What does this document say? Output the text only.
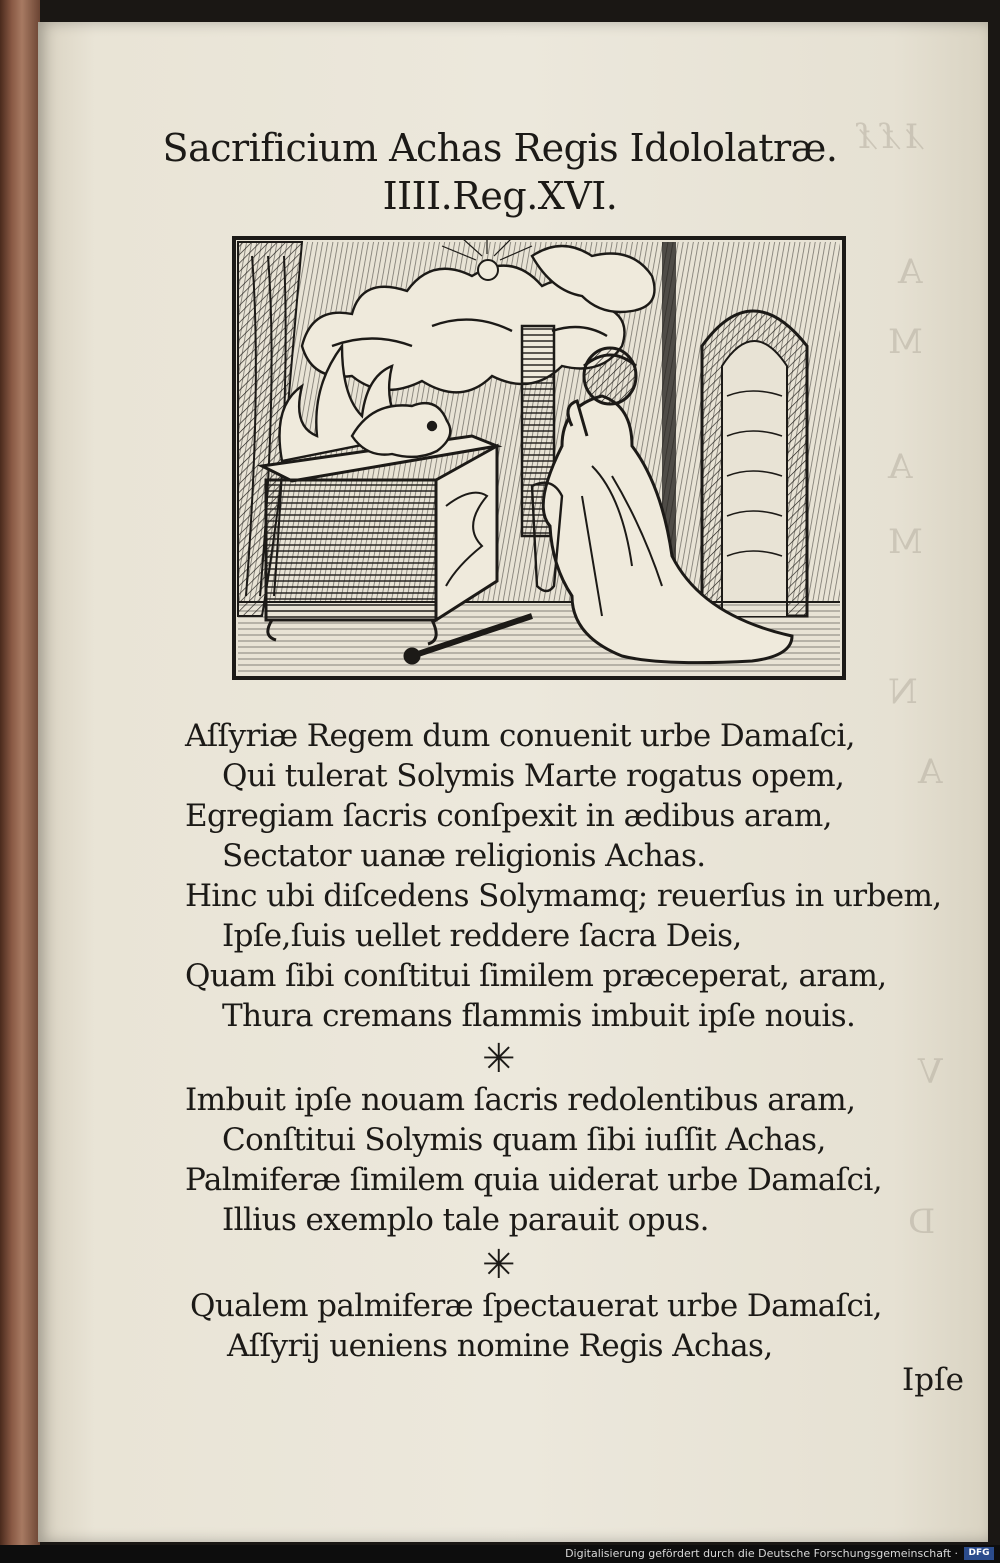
I̷ ſ̷ ſ̷
A
M
A
M
N
A
V
D
Sacrificium Achas Regis Idololatræ.
IIII.Reg.XVI.
Aſſyriæ Regem dum conuenit urbe Damaſci,
Qui tulerat Solymis Marte rogatus opem,
Egregiam ſacris conſpexit in ædibus aram,
Sectator uanæ religionis Achas.
Hinc ubi diſcedens Solymamq; reuerſus in urbem,
Ipſe,ſuis uellet reddere ſacra Deis,
Quam ſibi conſtitui ſimilem præceperat, aram,
Thura cremans flammis imbuit ipſe nouis.
✳
Imbuit ipſe nouam ſacris redolentibus aram,
Conſtitui Solymis quam ſibi iuſſit Achas,
Palmiferæ ſimilem quia uiderat urbe Damaſci,
Illius exemplo tale parauit opus.
✳
Qualem palmiferæ ſpectauerat urbe Damaſci,
Aſſyrij ueniens nomine Regis Achas,
Ipſe
Digitalisierung gefördert durch die Deutsche Forschungsgemeinschaft ·	DFG
